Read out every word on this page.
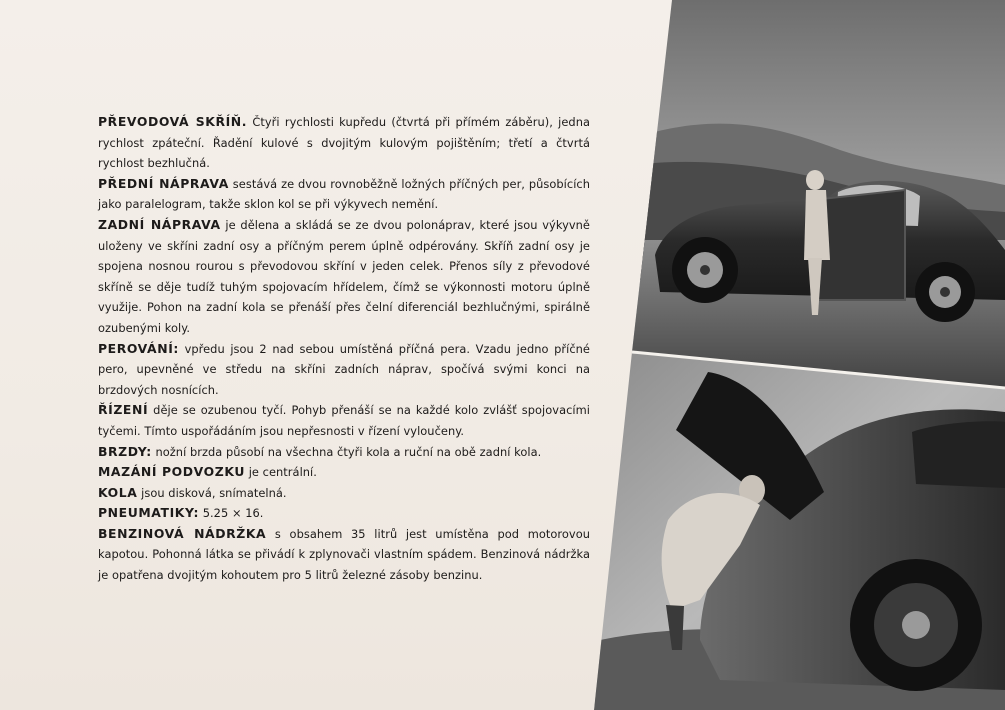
PŘEVODOVÁ SKŘÍŇ. Čtyři rychlosti kupředu (čtvrtá při přímém záběru), jedna rychlost zpáteční. Řadění kulové s dvojitým kulovým pojištěním; třetí a čtvrtá rychlost bezhlučná.

PŘEDNÍ NÁPRAVA sestává ze dvou rovnoběžně ložných příčných per, působících jako paralelogram, takže sklon kol se při výkyvech nemění.

ZADNÍ NÁPRAVA je dělena a skládá se ze dvou polonáprav, které jsou výkyvně uloženy ve skříni zadní osy a příčným perem úplně odpérovány. Skříň zadní osy je spojena nosnou rourou s převodovou skříní v jeden celek. Přenos síly z převodové skříně se děje tudíž tuhým spojovacím hřídelem, čímž se výkonnosti motoru úplně využije. Pohon na zadní kola se přenáší přes čelní diferenciál bezhlučnými, spirálně ozubenými koly.

PEROVÁNÍ: vpředu jsou 2 nad sebou umístěná příčná pera. Vzadu jedno příčné pero, upevněné ve středu na skříni zadních náprav, spočívá svými konci na brzdových nosnících.

ŘÍZENÍ děje se ozubenou tyčí. Pohyb přenáší se na každé kolo zvlášť spojovacími tyčemi. Tímto uspořádáním jsou nepřesnosti v řízení vyloučeny.

BRZDY: nožní brzda působí na všechna čtyři kola a ruční na obě zadní kola.

MAZÁNÍ PODVOZKU je centrální.

KOLA jsou disková, snímatelná.

PNEUMATIKY: 5.25 × 16.

BENZINOVÁ NÁDRŽKA s obsahem 35 litrů jest umístěna pod motorovou kapotou. Pohonná látka se přivádí k zplynovači vlastním spádem. Benzinová nádržka je opatřena dvojitým kohoutem pro 5 litrů železné zásoby benzinu.
